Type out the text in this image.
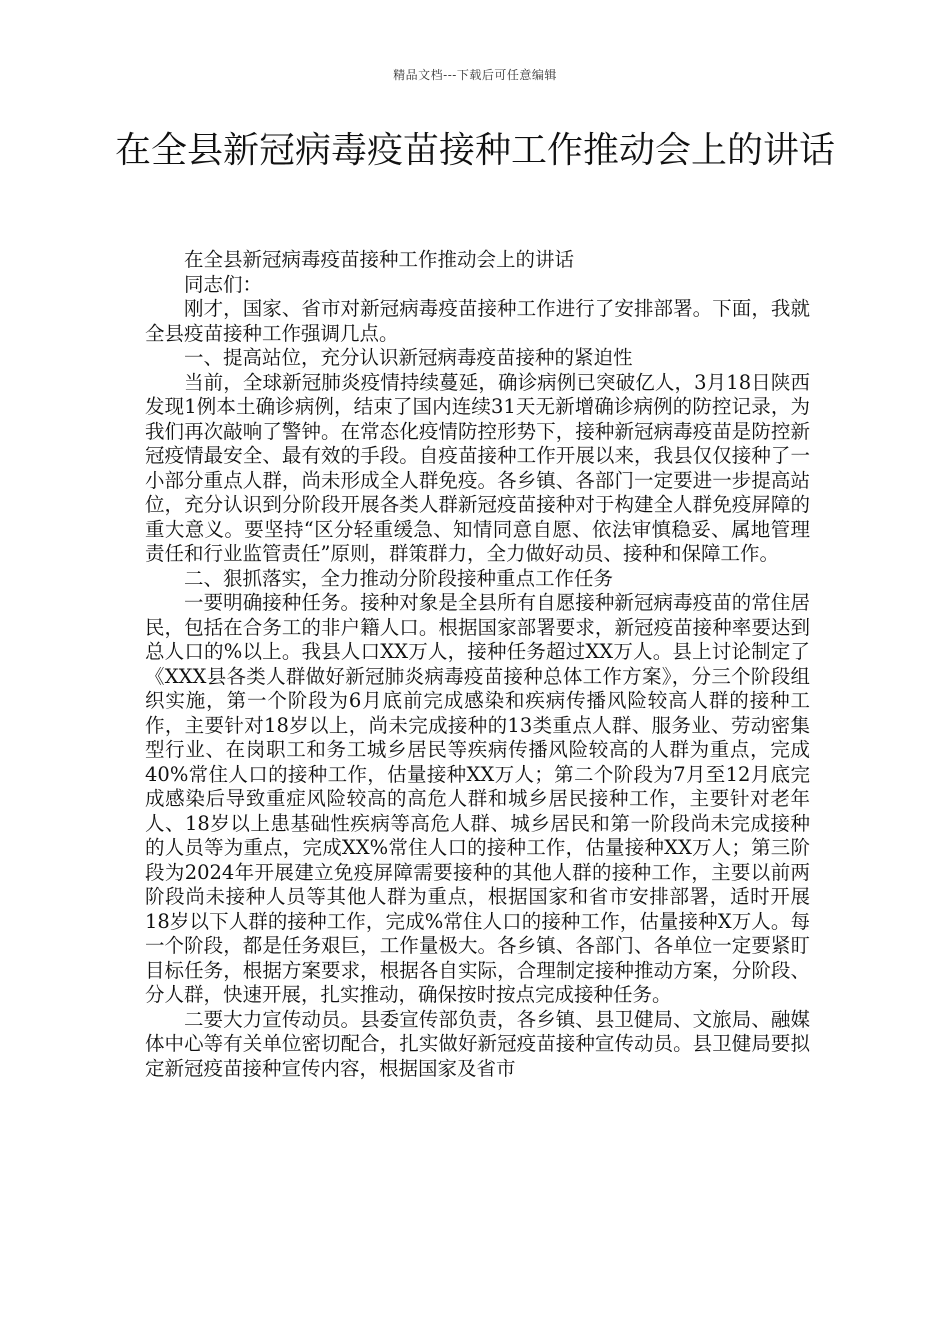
精品文档---下载后可任意编辑
在全县新冠病毒疫苗接种工作推动会上的讲话

在全县新冠病毒疫苗接种工作推动会上的讲话

同志们：

刚才，国家、省市对新冠病毒疫苗接种工作进行了安排部署。下面，我就全县疫苗接种工作强调几点。

一、提高站位，充分认识新冠病毒疫苗接种的紧迫性

当前，全球新冠肺炎疫情持续蔓延，确诊病例已突破亿人，3月18日陕西发现1例本土确诊病例，结束了国内连续31天无新增确诊病例的防控记录，为我们再次敲响了警钟。在常态化疫情防控形势下，接种新冠病毒疫苗是防控新冠疫情最安全、最有效的手段。自疫苗接种工作开展以来，我县仅仅接种了一小部分重点人群，尚未形成全人群免疫。各乡镇、各部门一定要进一步提高站位，充分认识到分阶段开展各类人群新冠疫苗接种对于构建全人群免疫屏障的重大意义。要坚持“区分轻重缓急、知情同意自愿、依法审慎稳妥、属地管理责任和行业监管责任”原则，群策群力，全力做好动员、接种和保障工作。

二、狠抓落实，全力推动分阶段接种重点工作任务

一要明确接种任务。接种对象是全县所有自愿接种新冠病毒疫苗的常住居民，包括在合务工的非户籍人口。根据国家部署要求，新冠疫苗接种率要达到总人口的%以上。我县人口XX万人，接种任务超过XX万人。县上讨论制定了《XXX县各类人群做好新冠肺炎病毒疫苗接种总体工作方案》，分三个阶段组织实施，第一个阶段为6月底前完成感染和疾病传播风险较高人群的接种工作，主要针对18岁以上，尚未完成接种的13类重点人群、服务业、劳动密集型行业、在岗职工和务工城乡居民等疾病传播风险较高的人群为重点，完成40%常住人口的接种工作，估量接种XX万人；第二个阶段为7月至12月底完成感染后导致重症风险较高的高危人群和城乡居民接种工作，主要针对老年人、18岁以上患基础性疾病等高危人群、城乡居民和第一阶段尚未完成接种的人员等为重点，完成XX%常住人口的接种工作，估量接种XX万人；第三阶段为2024年开展建立免疫屏障需要接种的其他人群的接种工作，主要以前两阶段尚未接种人员等其他人群为重点，根据国家和省市安排部署，适时开展18岁以下人群的接种工作，完成%常住人口的接种工作，估量接种X万人。每一个阶段，都是任务艰巨，工作量极大。各乡镇、各部门、各单位一定要紧盯目标任务，根据方案要求，根据各自实际，合理制定接种推动方案，分阶段、分人群，快速开展，扎实推动，确保按时按点完成接种任务。

二要大力宣传动员。县委宣传部负责，各乡镇、县卫健局、文旅局、融媒体中心等有关单位密切配合，扎实做好新冠疫苗接种宣传动员。县卫健局要拟定新冠疫苗接种宣传内容，根据国家及省市
